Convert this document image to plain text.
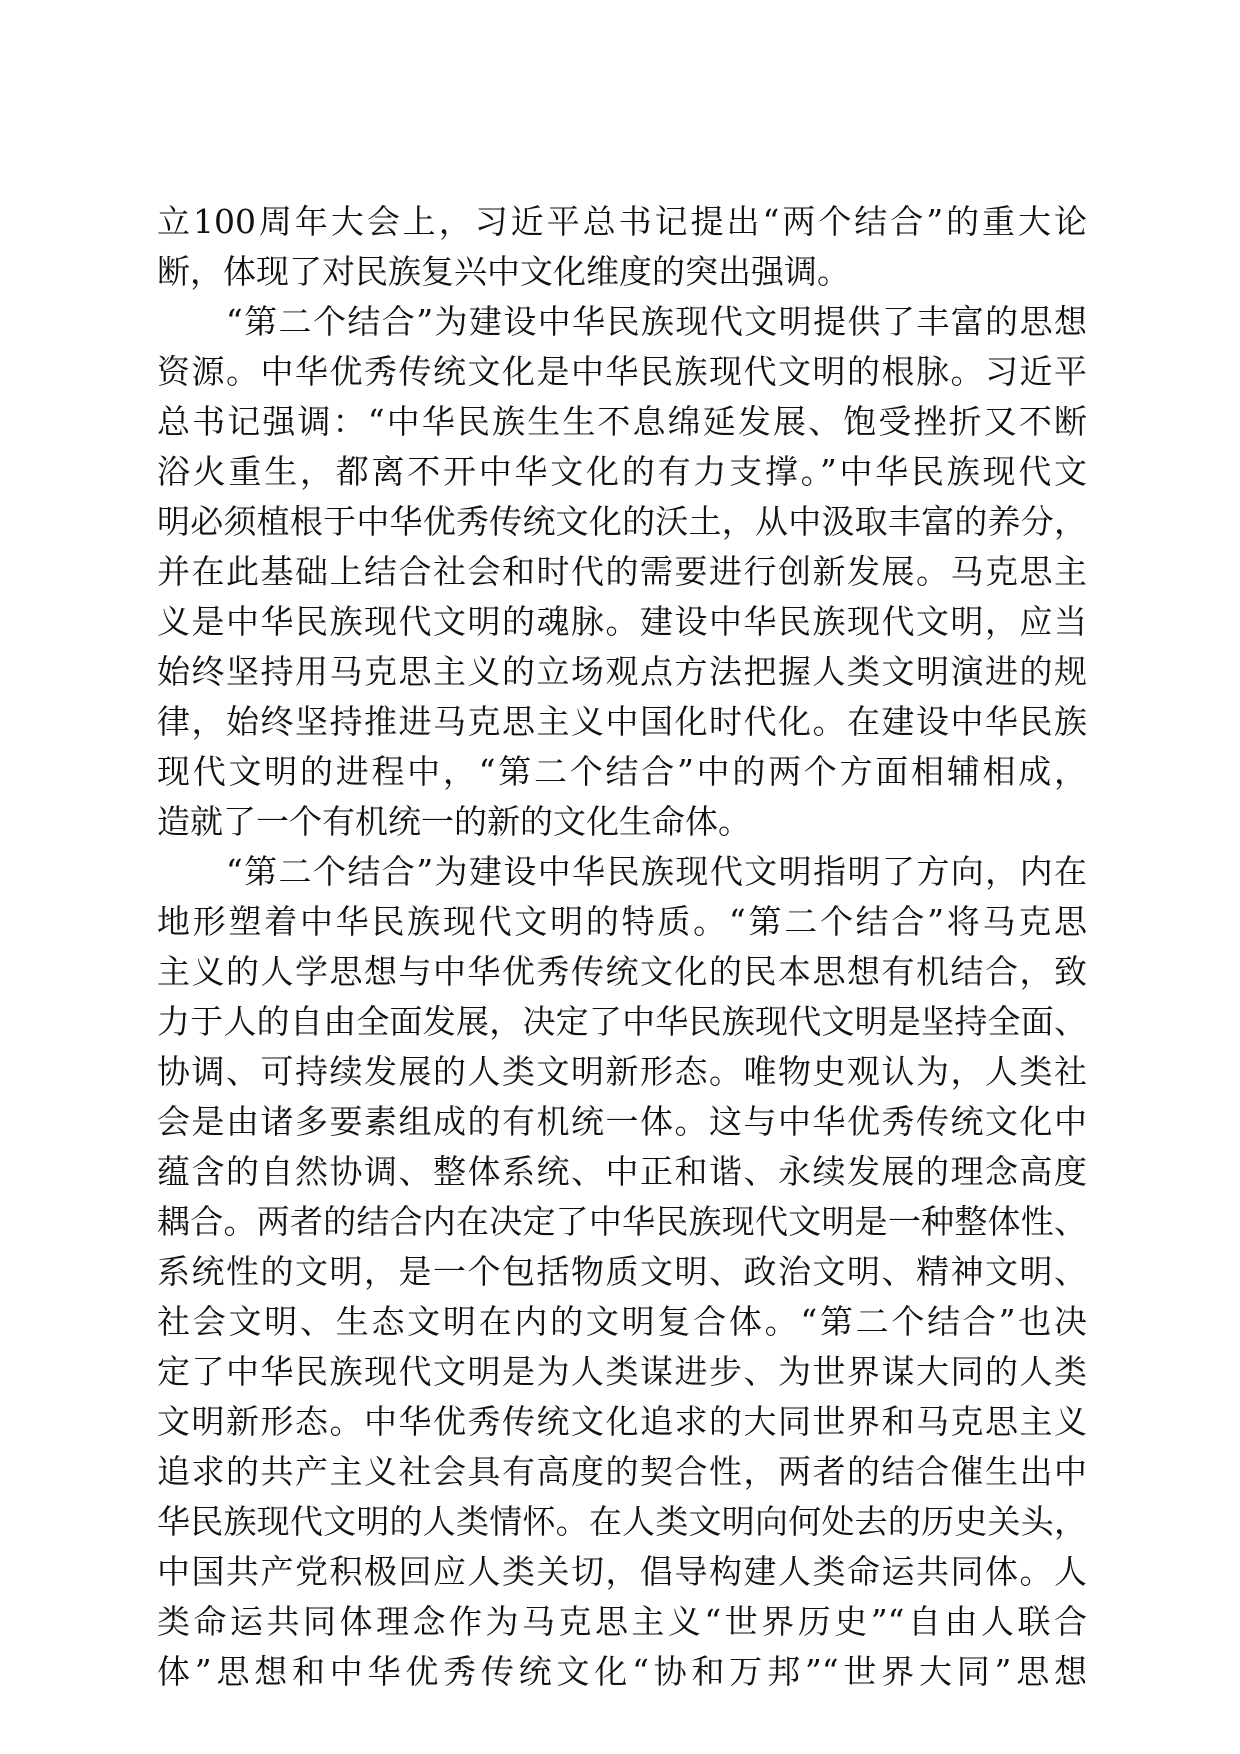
立100周年大会上，习近平总书记提出“两个结合”的重大论
断，体现了对民族复兴中文化维度的突出强调。
　　“第二个结合”为建设中华民族现代文明提供了丰富的思想
资源。中华优秀传统文化是中华民族现代文明的根脉。习近平
总书记强调：“中华民族生生不息绵延发展、饱受挫折又不断
浴火重生，都离不开中华文化的有力支撑。”中华民族现代文
明必须植根于中华优秀传统文化的沃土，从中汲取丰富的养分，
并在此基础上结合社会和时代的需要进行创新发展。马克思主
义是中华民族现代文明的魂脉。建设中华民族现代文明，应当
始终坚持用马克思主义的立场观点方法把握人类文明演进的规
律，始终坚持推进马克思主义中国化时代化。在建设中华民族
现代文明的进程中，“第二个结合”中的两个方面相辅相成，
造就了一个有机统一的新的文化生命体。
　　“第二个结合”为建设中华民族现代文明指明了方向，内在
地形塑着中华民族现代文明的特质。“第二个结合”将马克思
主义的人学思想与中华优秀传统文化的民本思想有机结合，致
力于人的自由全面发展，决定了中华民族现代文明是坚持全面、
协调、可持续发展的人类文明新形态。唯物史观认为，人类社
会是由诸多要素组成的有机统一体。这与中华优秀传统文化中
蕴含的自然协调、整体系统、中正和谐、永续发展的理念高度
耦合。两者的结合内在决定了中华民族现代文明是一种整体性、
系统性的文明，是一个包括物质文明、政治文明、精神文明、
社会文明、生态文明在内的文明复合体。“第二个结合”也决
定了中华民族现代文明是为人类谋进步、为世界谋大同的人类
文明新形态。中华优秀传统文化追求的大同世界和马克思主义
追求的共产主义社会具有高度的契合性，两者的结合催生出中
华民族现代文明的人类情怀。在人类文明向何处去的历史关头，
中国共产党积极回应人类关切，倡导构建人类命运共同体。人
类命运共同体理念作为马克思主义“世界历史”“自由人联合
体”思想和中华优秀传统文化“协和万邦”“世界大同”思想
